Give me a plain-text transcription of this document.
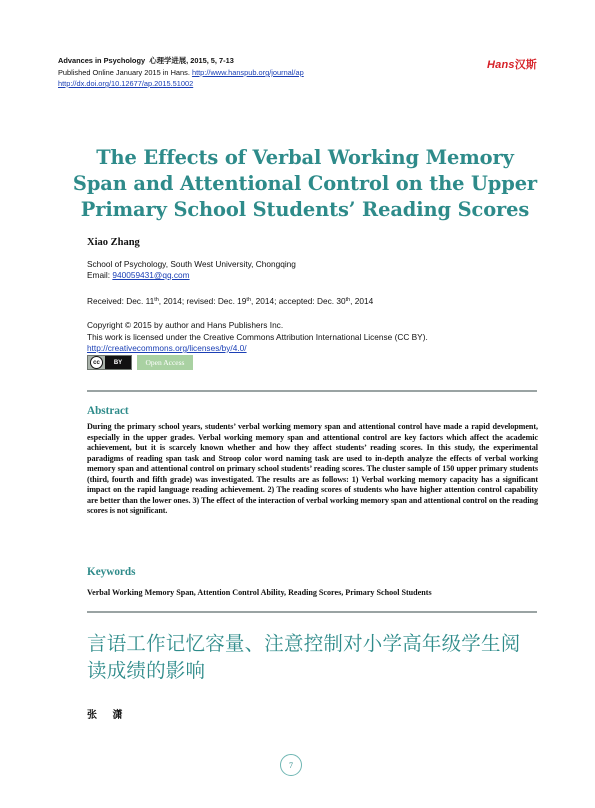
Advances in Psychology 心理学进展, 2015, 5, 7-13
Published Online January 2015 in Hans. http://www.hanspub.org/journal/ap
http://dx.doi.org/10.12677/ap.2015.51002
Hans汉斯
The Effects of Verbal Working Memory Span and Attentional Control on the Upper Primary School Students’ Reading Scores
Xiao Zhang
School of Psychology, South West University, Chongqing
Email: 940059431@qq.com
Received: Dec. 11th, 2014; revised: Dec. 19th, 2014; accepted: Dec. 30th, 2014
Copyright © 2015 by author and Hans Publishers Inc.
This work is licensed under the Creative Commons Attribution International License (CC BY).
http://creativecommons.org/licenses/by/4.0/
cc	BY	Open Access
Abstract
During the primary school years, students’ verbal working memory span and attentional control have made a rapid development, especially in the upper grades. Verbal working memory span and attentional control are key factors which affect the academic achievement, but it is scarcely known whether and how they affect students’ reading scores. In this study, the experimental paradigms of reading span task and Stroop color word naming task are used to in-depth analyze the effects of verbal working memory span and attentional control on primary school students’ reading scores. The cluster sample of 150 upper primary students (third, fourth and fifth grade) was investigated. The results are as follows: 1) Verbal working memory capacity has a significant impact on the rapid language reading achievement. 2) The reading scores of students who have higher attention control capability are better than the lower ones. 3) The effect of the interaction of verbal working memory span and attentional control on the reading scores is not significant.
Keywords
Verbal Working Memory Span, Attention Control Ability, Reading Scores, Primary School Students
言语工作记忆容量、注意控制对小学高年级学生阅读成绩的影响
张 潇
7
